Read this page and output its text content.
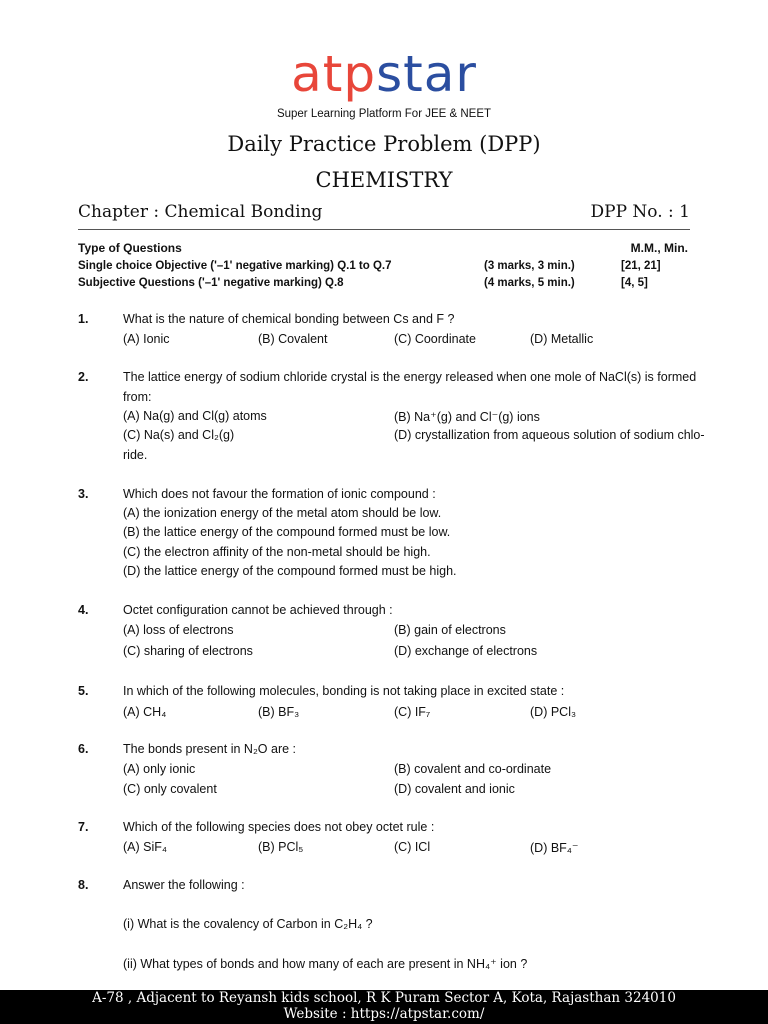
atpstar
Super Learning Platform For JEE & NEET
Daily Practice Problem (DPP)
CHEMISTRY
Chapter : Chemical Bonding	DPP No. : 1
Type of Questions	M.M., Min.
Single choice Objective ('–1' negative marking) Q.1 to Q.7	(3 marks, 3 min.)	[21, 21]
Subjective Questions ('–1' negative marking) Q.8	(4 marks, 5 min.)	[4, 5]
1.	What is the nature of chemical bonding between Cs and F ?
(A) Ionic	(B) Covalent	(C) Coordinate	(D) Metallic
2.	The lattice energy of sodium chloride crystal is the energy released when one mole of NaCl(s) is formed
from:
(A) Na(g) and Cl(g) atoms	(B) Na⁺(g) and Cl⁻(g) ions
(C) Na(s) and Cl₂(g)	(D) crystallization from aqueous solution of sodium chlo-
ride.
3.	Which does not favour the formation of ionic compound :
(A) the ionization energy of the metal atom should be low.
(B) the lattice energy of the compound formed must be low.
(C) the electron affinity of the non-metal should be high.
(D) the lattice energy of the compound formed must be high.
4.	Octet configuration cannot be achieved through :
(A) loss of electrons	(B) gain of electrons
(C) sharing of electrons	(D) exchange of electrons
5.	In which of the following molecules, bonding is not taking place in excited state :
(A) CH₄	(B) BF₃	(C) IF₇	(D) PCl₃
6.	The bonds present in N₂O are :
(A) only ionic	(B) covalent and co-ordinate
(C) only covalent	(D) covalent and ionic
7.	Which of the following species does not obey octet rule :
(A) SiF₄	(B) PCl₅	(C) ICl	(D) BF₄⁻
8.	Answer the following :
(i) What is the covalency of Carbon in C₂H₄ ?
(ii) What types of bonds and how many of each are present in NH₄⁺ ion ?
A-78 , Adjacent to Reyansh kids school, R K Puram Sector A, Kota, Rajasthan 324010
Website : https://atpstar.com/
